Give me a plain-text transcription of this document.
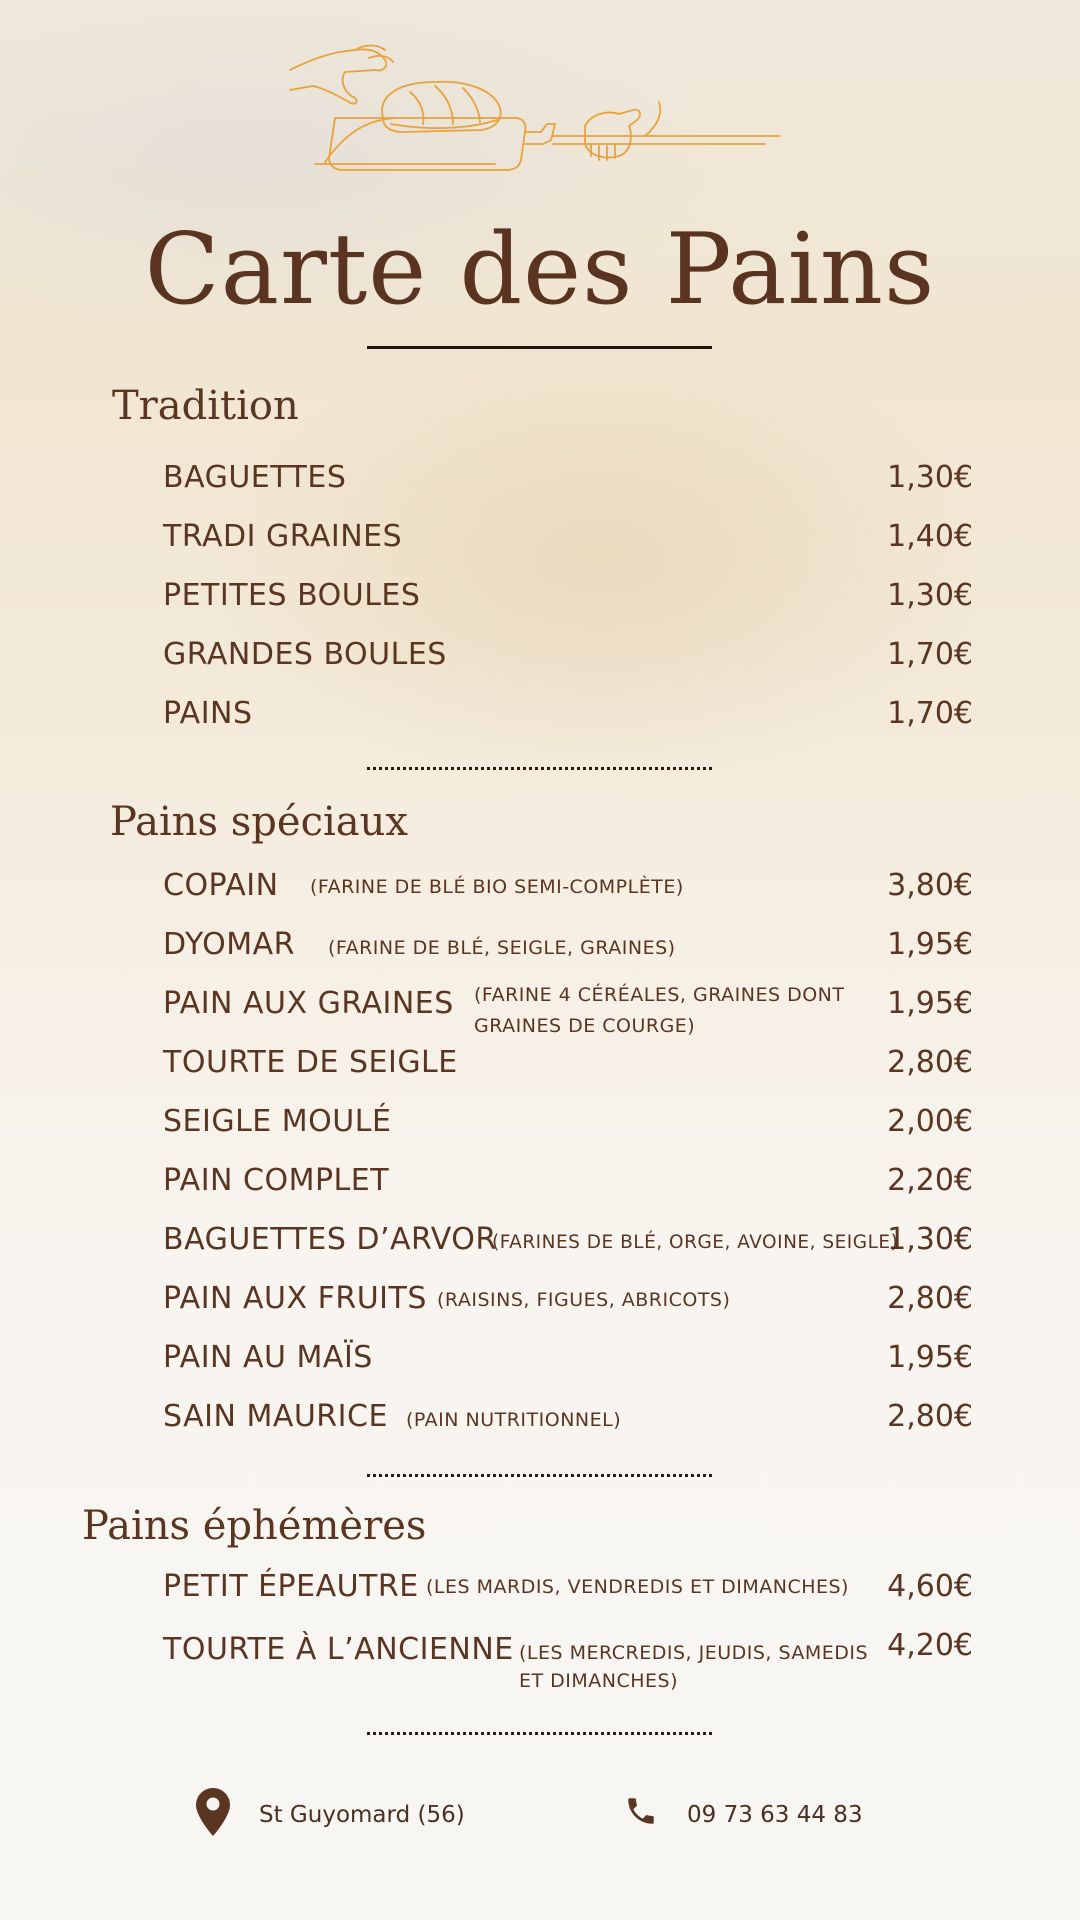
Carte des Pains
Tradition
BAGUETTES	1,30€
TRADI GRAINES	1,40€
PETITES BOULES	1,30€
GRANDES BOULES	1,70€
PAINS	1,70€
Pains spéciaux
COPAIN (FARINE DE BLÉ BIO SEMI-COMPLÈTE)	3,80€
DYOMAR (FARINE DE BLÉ, SEIGLE, GRAINES)	1,95€
PAIN AUX GRAINES (FARINE 4 CÉRÉALES, GRAINES DONT
GRAINES DE COURGE)
1,95€
TOURTE DE SEIGLE	2,80€
SEIGLE MOULÉ	2,00€
PAIN COMPLET	2,20€
BAGUETTES D’ARVOR
(FARINES DE BLÉ, ORGE, AVOINE, SEIGLE)
1,30€
PAIN AUX FRUITS (RAISINS, FIGUES, ABRICOTS)	2,80€
PAIN AU MAÏS	1,95€
SAIN MAURICE (PAIN NUTRITIONNEL)	2,80€
Pains éphémères
PETIT ÉPEAUTRE (LES MARDIS, VENDREDIS ET DIMANCHES) 4,60€
TOURTE À L’ANCIENNE (LES MERCREDIS, JEUDIS, SAMEDIS
ET DIMANCHES)
4,20€
St Guyomard (56)	09 73 63 44 83
